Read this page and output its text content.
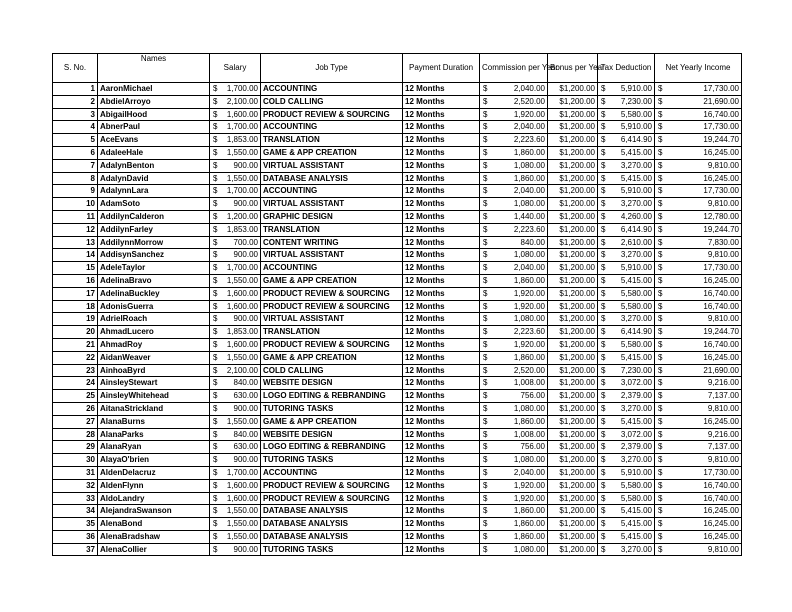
S. No.	Names	Salary	Job Type	Payment Duration	Commission per Year	Bonus per Year	Tax Deduction	Net Yearly Income
1	AaronMichael	$ 1,700.00	ACCOUNTING	12 Months	$ 2,040.00	$1,200.00	$ 5,910.00	$ 17,730.00

2	AbdielArroyo	$ 2,100.00	COLD CALLING	12 Months	$ 2,520.00	$1,200.00	$ 7,230.00	$ 21,690.00

3	AbigailHood	$ 1,600.00	PRODUCT REVIEW & SOURCING	12 Months	$ 1,920.00	$1,200.00	$ 5,580.00	$ 16,740.00

4	AbnerPaul	$ 1,700.00	ACCOUNTING	12 Months	$ 2,040.00	$1,200.00	$ 5,910.00	$ 17,730.00

5	AceEvans	$ 1,853.00	TRANSLATION	12 Months	$ 2,223.60	$1,200.00	$ 6,414.90	$ 19,244.70

6	AdaleeHale	$ 1,550.00	GAME & APP CREATION	12 Months	$ 1,860.00	$1,200.00	$ 5,415.00	$ 16,245.00

7	AdalynBenton	$ 900.00	VIRTUAL ASSISTANT	12 Months	$ 1,080.00	$1,200.00	$ 3,270.00	$ 9,810.00

8	AdalynDavid	$ 1,550.00	DATABASE ANALYSIS	12 Months	$ 1,860.00	$1,200.00	$ 5,415.00	$ 16,245.00

9	AdalynnLara	$ 1,700.00	ACCOUNTING	12 Months	$ 2,040.00	$1,200.00	$ 5,910.00	$ 17,730.00

10	AdamSoto	$ 900.00	VIRTUAL ASSISTANT	12 Months	$ 1,080.00	$1,200.00	$ 3,270.00	$ 9,810.00

11	AddilynCalderon	$ 1,200.00	GRAPHIC DESIGN	12 Months	$ 1,440.00	$1,200.00	$ 4,260.00	$ 12,780.00

12	AddilynFarley	$ 1,853.00	TRANSLATION	12 Months	$ 2,223.60	$1,200.00	$ 6,414.90	$ 19,244.70

13	AddilynnMorrow	$ 700.00	CONTENT WRITING	12 Months	$ 840.00	$1,200.00	$ 2,610.00	$ 7,830.00

14	AddisynSanchez	$ 900.00	VIRTUAL ASSISTANT	12 Months	$ 1,080.00	$1,200.00	$ 3,270.00	$ 9,810.00

15	AdeleTaylor	$ 1,700.00	ACCOUNTING	12 Months	$ 2,040.00	$1,200.00	$ 5,910.00	$ 17,730.00

16	AdelinaBravo	$ 1,550.00	GAME & APP CREATION	12 Months	$ 1,860.00	$1,200.00	$ 5,415.00	$ 16,245.00

17	AdelinaBuckley	$ 1,600.00	PRODUCT REVIEW & SOURCING	12 Months	$ 1,920.00	$1,200.00	$ 5,580.00	$ 16,740.00

18	AdonisGuerra	$ 1,600.00	PRODUCT REVIEW & SOURCING	12 Months	$ 1,920.00	$1,200.00	$ 5,580.00	$ 16,740.00

19	AdrielRoach	$ 900.00	VIRTUAL ASSISTANT	12 Months	$ 1,080.00	$1,200.00	$ 3,270.00	$ 9,810.00

20	AhmadLucero	$ 1,853.00	TRANSLATION	12 Months	$ 2,223.60	$1,200.00	$ 6,414.90	$ 19,244.70

21	AhmadRoy	$ 1,600.00	PRODUCT REVIEW & SOURCING	12 Months	$ 1,920.00	$1,200.00	$ 5,580.00	$ 16,740.00

22	AidanWeaver	$ 1,550.00	GAME & APP CREATION	12 Months	$ 1,860.00	$1,200.00	$ 5,415.00	$ 16,245.00

23	AinhoaByrd	$ 2,100.00	COLD CALLING	12 Months	$ 2,520.00	$1,200.00	$ 7,230.00	$ 21,690.00

24	AinsleyStewart	$ 840.00	WEBSITE DESIGN	12 Months	$ 1,008.00	$1,200.00	$ 3,072.00	$ 9,216.00

25	AinsleyWhitehead	$ 630.00	LOGO EDITING & REBRANDING	12 Months	$ 756.00	$1,200.00	$ 2,379.00	$ 7,137.00

26	AitanaStrickland	$ 900.00	TUTORING TASKS	12 Months	$ 1,080.00	$1,200.00	$ 3,270.00	$ 9,810.00

27	AlanaBurns	$ 1,550.00	GAME & APP CREATION	12 Months	$ 1,860.00	$1,200.00	$ 5,415.00	$ 16,245.00

28	AlanaParks	$ 840.00	WEBSITE DESIGN	12 Months	$ 1,008.00	$1,200.00	$ 3,072.00	$ 9,216.00

29	AlanaRyan	$ 630.00	LOGO EDITING & REBRANDING	12 Months	$ 756.00	$1,200.00	$ 2,379.00	$ 7,137.00

30	AlayaO'brien	$ 900.00	TUTORING TASKS	12 Months	$ 1,080.00	$1,200.00	$ 3,270.00	$ 9,810.00

31	AldenDelacruz	$ 1,700.00	ACCOUNTING	12 Months	$ 2,040.00	$1,200.00	$ 5,910.00	$ 17,730.00

32	AldenFlynn	$ 1,600.00	PRODUCT REVIEW & SOURCING	12 Months	$ 1,920.00	$1,200.00	$ 5,580.00	$ 16,740.00

33	AldoLandry	$ 1,600.00	PRODUCT REVIEW & SOURCING	12 Months	$ 1,920.00	$1,200.00	$ 5,580.00	$ 16,740.00

34	AlejandraSwanson	$ 1,550.00	DATABASE ANALYSIS	12 Months	$ 1,860.00	$1,200.00	$ 5,415.00	$ 16,245.00

35	AlenaBond	$ 1,550.00	DATABASE ANALYSIS	12 Months	$ 1,860.00	$1,200.00	$ 5,415.00	$ 16,245.00

36	AlenaBradshaw	$ 1,550.00	DATABASE ANALYSIS	12 Months	$ 1,860.00	$1,200.00	$ 5,415.00	$ 16,245.00

37	AlenaCollier	$ 900.00	TUTORING TASKS	12 Months	$ 1,080.00	$1,200.00	$ 3,270.00	$ 9,810.00
